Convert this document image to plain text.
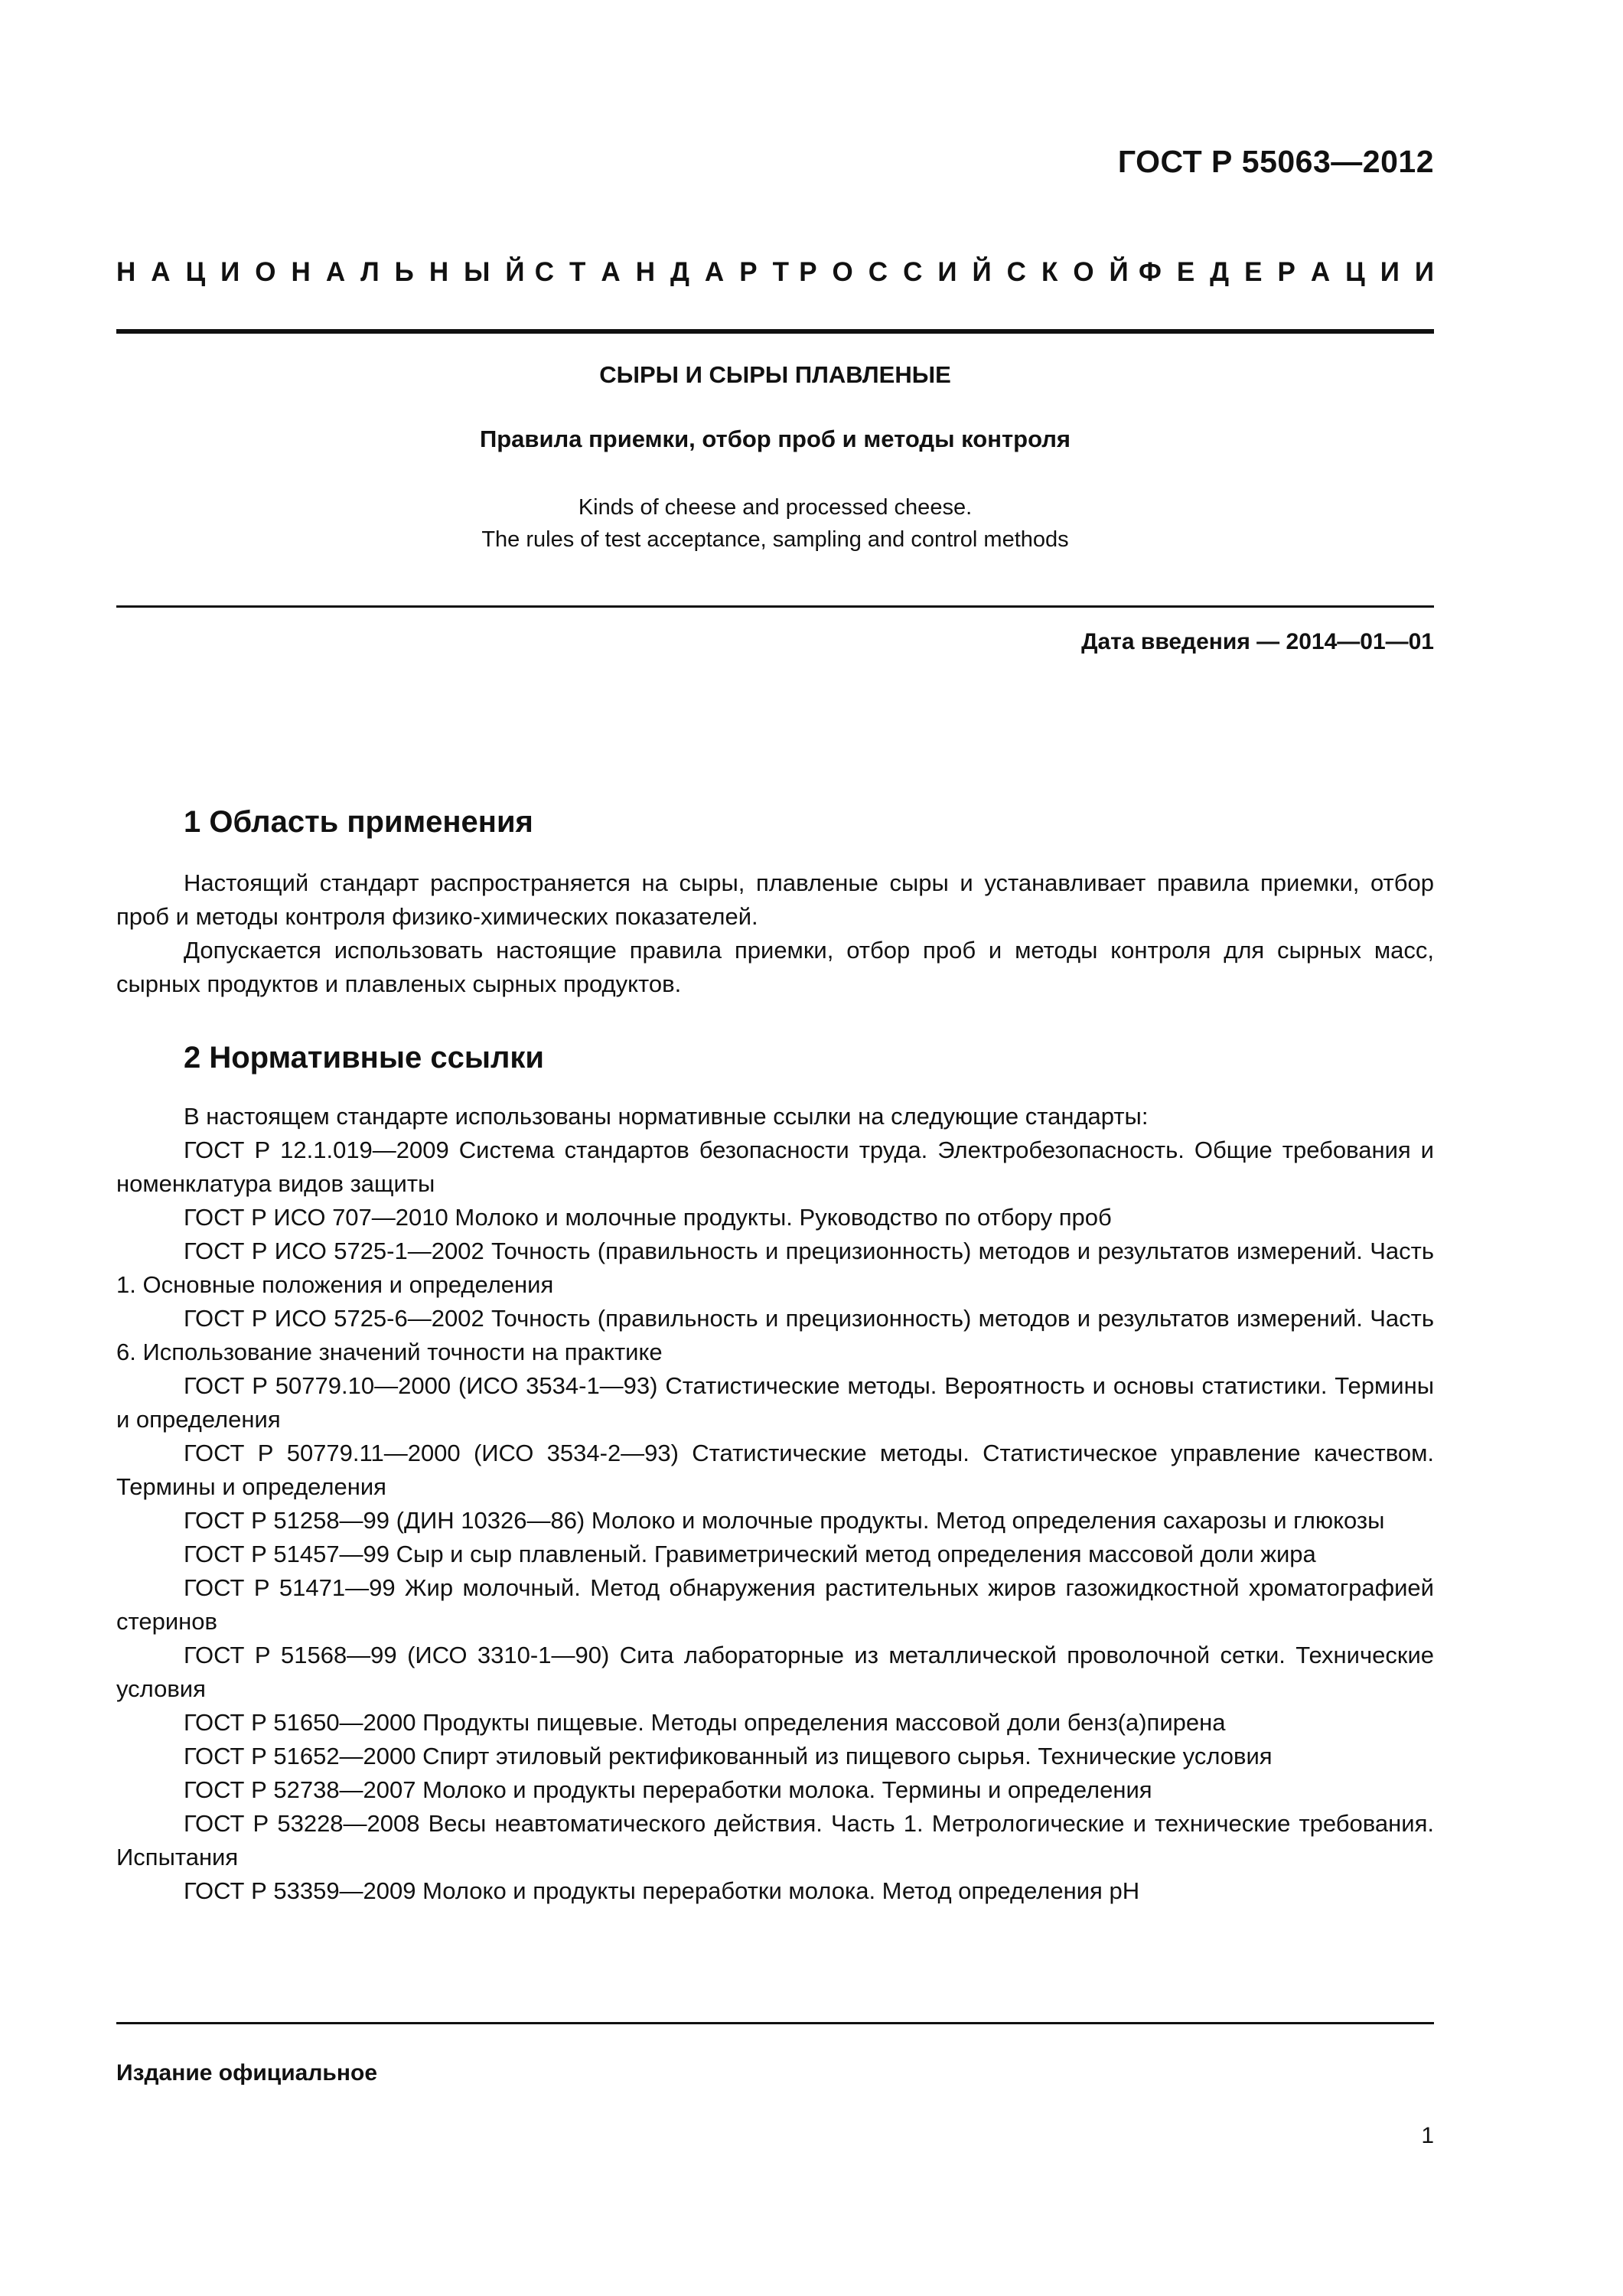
ГОСТ Р 55063—2012
Н А Ц И О Н А Л Ь Н Ы Й С Т А Н Д А Р Т Р О С С И Й С К О Й Ф Е Д Е Р А Ц И И
СЫРЫ И СЫРЫ ПЛАВЛЕНЫЕ
Правила приемки, отбор проб и методы контроля
Kinds of cheese and processed cheese.
The rules of test acceptance, sampling and control methods
Дата введения — 2014—01—01
1 Область применения

Настоящий стандарт распространяется на сыры, плавленые сыры и устанавливает правила приемки, отбор проб и методы контроля физико-химических показателей.

Допускается использовать настоящие правила приемки, отбор проб и методы контроля для сырных масс, сырных продуктов и плавленых сырных продуктов.

2 Нормативные ссылки

В настоящем стандарте использованы нормативные ссылки на следующие стандарты:

ГОСТ Р 12.1.019—2009 Система стандартов безопасности труда. Электробезопасность. Общие требования и номенклатура видов защиты

ГОСТ Р ИСО 707—2010 Молоко и молочные продукты. Руководство по отбору проб

ГОСТ Р ИСО 5725-1—2002 Точность (правильность и прецизионность) методов и результатов измерений. Часть 1. Основные положения и определения

ГОСТ Р ИСО 5725-6—2002 Точность (правильность и прецизионность) методов и результатов измерений. Часть 6. Использование значений точности на практике

ГОСТ Р 50779.10—2000 (ИСО 3534-1—93) Статистические методы. Вероятность и основы статистики. Термины и определения

ГОСТ Р 50779.11—2000 (ИСО 3534-2—93) Статистические методы. Статистическое управление качеством. Термины и определения

ГОСТ Р 51258—99 (ДИН 10326—86) Молоко и молочные продукты. Метод определения сахарозы и глюкозы

ГОСТ Р 51457—99 Сыр и сыр плавленый. Гравиметрический метод определения массовой доли жира

ГОСТ Р 51471—99 Жир молочный. Метод обнаружения растительных жиров газожидкостной хроматографией стеринов

ГОСТ Р 51568—99 (ИСО 3310-1—90) Сита лабораторные из металлической проволочной сетки. Технические условия

ГОСТ Р 51650—2000 Продукты пищевые. Методы определения массовой доли бенз(а)пирена

ГОСТ Р 51652—2000 Спирт этиловый ректификованный из пищевого сырья. Технические условия

ГОСТ Р 52738—2007 Молоко и продукты переработки молока. Термины и определения

ГОСТ Р 53228—2008 Весы неавтоматического действия. Часть 1. Метрологические и технические требования. Испытания

ГОСТ Р 53359—2009 Молоко и продукты переработки молока. Метод определения pH

Издание официальное
1
